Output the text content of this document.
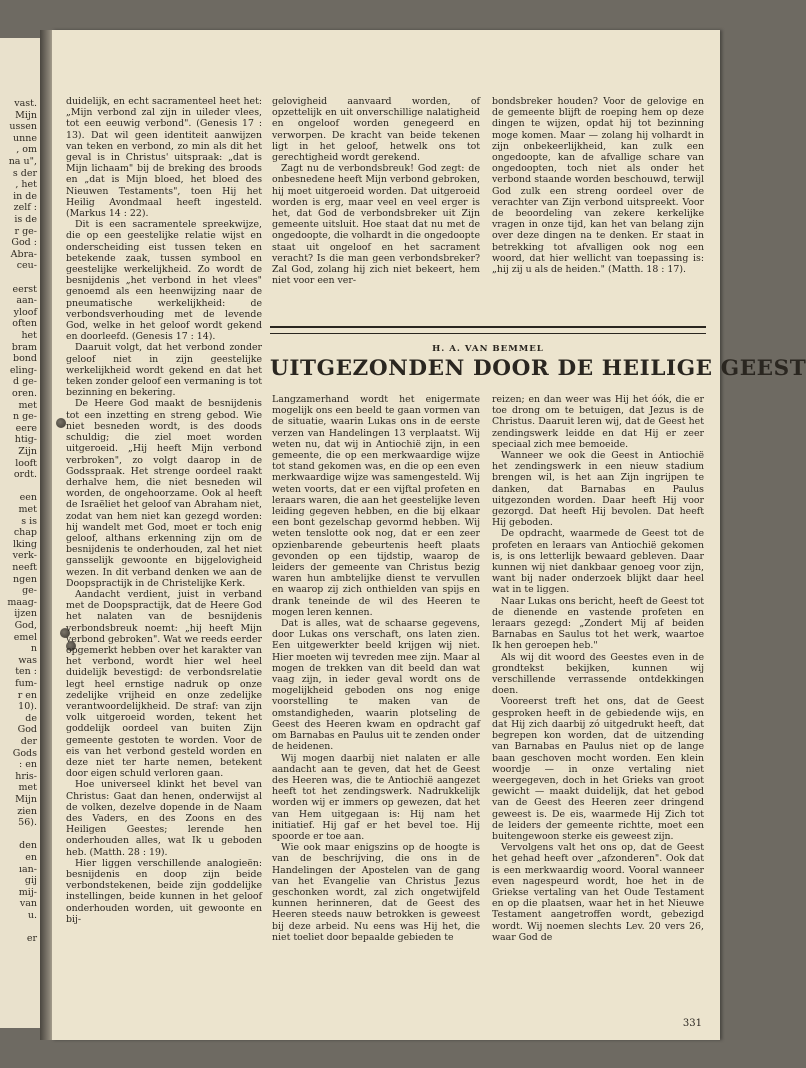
vast.
Mijn
ussen
unne
, om
na u",
s der
, het
in de
zelf :
is de
r ge-
God :
Abra-
ceu-
eerst
aan-
yloof
often
het
bram
bond
eling-
d ge-
oren.
met
n ge-
eere
htig-
Zijn
looft
ordt.
een
met
s is
chap
lking
verk-
neeft
ngen
ge-
maag-
ijzen
God,
emel
n
was
ten :
fum-
r en
10).
de
God
der
Gods
: en
hris-
met
Mijn
zien
56).
den
en
ıan-
gij
mij-
van
u.
er

duidelijk, en echt sacramenteel heet het: „Mijn verbond zal zijn in uileder vlees, tot een eeuwig verbond". (Genesis 17 : 13). Dat wil geen identiteit aanwijzen van teken en verbond, zo min als dit het geval is in Christus' uitspraak: „dat is Mijn lichaam" bij de breking des broods en „dat is Mijn bloed, het bloed des Nieuwen Testaments", toen Hij het Heilig Avondmaal heeft ingesteld. (Markus 14 : 22).

Dit is een sacramentele spreekwijze, die op een geestelijke relatie wijst en onderscheiding eist tussen teken en betekende zaak, tussen symbool en geestelijke werkelijkheid. Zo wordt de besnijdenis „het verbond in het vlees" genoemd als een heenwijzing naar de pneumatische werkelijkheid: de verbondsverhouding met de levende God, welke in het geloof wordt gekend en doorleefd. (Genesis 17 : 14).

Daaruit volgt, dat het verbond zonder geloof niet in zijn geestelijke werkelijkheid wordt gekend en dat het teken zonder geloof een vermaning is tot bezinning en bekering.

De Heere God maakt de besnijdenis tot een inzetting en streng gebod. Wie niet besneden wordt, is des doods schuldig; die ziel moet worden uitgeroeid. „Hij heeft Mijn verbond verbroken", zo volgt daarop in de Godsspraak. Het strenge oordeel raakt derhalve hem, die niet besneden wil worden, de ongehoorzame. Ook al heeft de Israëliet het geloof van Abraham niet, zodat van hem niet kan gezegd worden: hij wandelt met God, moet er toch enig geloof, althans erkenning zijn om de besnijdenis te onderhouden, zal het niet gansselijk gewoonte en bijgelovigheid wezen. In dit verband denken we aan de Doopspractijk in de Christelijke Kerk.

Aandacht verdient, juist in verband met de Doopspractijk, dat de Heere God het nalaten van de besnijdenis verbondsbreuk noemt: „hij heeft Mijn verbond gebroken". Wat we reeds eerder opgemerkt hebben over het karakter van het verbond, wordt hier wel heel duidelijk bevestigd: de verbondsrelatie legt heel ernstige nadruk op onze zedelijke vrijheid en onze zedelijke verantwoordelijkheid. De straf: van zijn volk uitgeroeid worden, tekent het goddelijk oordeel van buiten Zijn gemeente gestoten te worden. Voor de eis van het verbond gesteld worden en deze niet ter harte nemen, betekent door eigen schuld verloren gaan.

Hoe universeel klinkt het bevel van Christus: Gaat dan henen, onderwijst al de volken, dezelve dopende in de Naam des Vaders, en des Zoons en des Heiligen Geestes; lerende hen onderhouden alles, wat Ik u geboden heb. (Matth. 28 : 19).

Hier liggen verschillende analogieën: besnijdenis en doop zijn beide verbondstekenen, beide zijn goddelijke instellingen, beide kunnen in het geloof onderhouden worden, uit gewoonte en bij-

gelovigheid aanvaard worden, of opzettelijk en uit onverschillige nalatigheid en ongeloof worden genegeerd en verworpen. De kracht van beide tekenen ligt in het geloof, hetwelk ons tot gerechtigheid wordt gerekend.

Zagt nu de verbondsbreuk! God zegt: de onbesnedene heeft Mijn verbond gebroken, hij moet uitgeroeid worden. Dat uitgeroeid worden is erg, maar veel en veel erger is het, dat God de verbondsbreker uit Zijn gemeente uitsluit. Hoe staat dat nu met de ongedoopte, die volhardt in die ongedoopte staat uit ongeloof en het sacrament veracht? Is die man geen verbondsbreker? Zal God, zolang hij zich niet bekeert, hem niet voor een ver-

bondsbreker houden? Voor de gelovige en de gemeente blijft de roeping hem op deze dingen te wijzen, opdat hij tot bezinning moge komen. Maar — zolang hij volhardt in zijn onbekeerlijkheid, kan zulk een ongedoopte, kan de afvallige schare van ongedoopten, toch niet als onder het verbond staande worden beschouwd, terwijl God zulk een streng oordeel over de verachter van Zijn verbond uitspreekt. Voor de beoordeling van zekere kerkelijke vragen in onze tijd, kan het van belang zijn over deze dingen na te denken. Er staat in betrekking tot afvalligen ook nog een woord, dat hier wellicht van toepassing is: „hij zij u als de heiden." (Matth. 18 : 17).

H. A. VAN BEMMEL
UITGEZONDEN DOOR DE HEILIGE GEEST

Langzamerhand wordt het enigermate mogelijk ons een beeld te gaan vormen van de situatie, waarin Lukas ons in de eerste verzen van Handelingen 13 verplaatst. Wij weten nu, dat wij in Antiochië zijn, in een gemeente, die op een merkwaardige wijze tot stand gekomen was, en die op een even merkwaardige wijze was samengesteld. Wij weten voorts, dat er een vijftal profeten en leraars waren, die aan het geestelijke leven leiding gegeven hebben, en die bij elkaar een bont gezelschap gevormd hebben. Wij weten tenslotte ook nog, dat er een zeer opzienbarende gebeurtenis heeft plaats gevonden op een tijdstip, waarop de leiders der gemeente van Christus bezig waren hun ambtelijke dienst te vervullen en waarop zij zich onthielden van spijs en drank teneinde de wil des Heeren te mogen leren kennen.

Dat is alles, wat de schaarse gegevens, door Lukas ons verschaft, ons laten zien. Een uitgewerkter beeld krijgen wij niet. Hier moeten wij tevreden mee zijn. Maar al mogen de trekken van dit beeld dan wat vaag zijn, in ieder geval wordt ons de mogelijkheid geboden ons nog enige voorstelling te maken van de omstandigheden, waarin plotseling de Geest des Heeren kwam en opdracht gaf om Barnabas en Paulus uit te zenden onder de heidenen.

Wij mogen daarbij niet nalaten er alle aandacht aan te geven, dat het de Geest des Heeren was, die te Antiochië aangezet heeft tot het zendingswerk. Nadrukkelijk worden wij er immers op gewezen, dat het van Hem uitgegaan is: Hij nam het initiatief. Hij gaf er het bevel toe. Hij spoorde er toe aan.

Wie ook maar enigszins op de hoogte is van de beschrijving, die ons in de Handelingen der Apostelen van de gang van het Evangelie van Christus Jezus geschonken wordt, zal zich ongetwijfeld kunnen herinneren, dat de Geest des Heeren steeds nauw betrokken is geweest bij deze arbeid. Nu eens was Hij het, die niet toeliet door bepaalde gebieden te

reizen; en dan weer was Hij het óók, die er toe drong om te betuigen, dat Jezus is de Christus. Daaruit leren wij, dat de Geest het zendingswerk leidde en dat Hij er zeer speciaal zich mee bemoeide.

Wanneer we ook die Geest in Antiochië het zendingswerk in een nieuw stadium brengen wil, is het aan Zijn ingrijpen te danken, dat Barnabas en Paulus uitgezonden worden. Daar heeft Hij voor gezorgd. Dat heeft Hij bevolen. Dat heeft Hij geboden.

De opdracht, waarmede de Geest tot de profeten en leraars van Antiochië gekomen is, is ons letterlijk bewaard gebleven. Daar kunnen wij niet dankbaar genoeg voor zijn, want bij nader onderzoek blijkt daar heel wat in te liggen.

Naar Lukas ons bericht, heeft de Geest tot de dienende en vastende profeten en leraars gezegd: „Zondert Mij af beiden Barnabas en Saulus tot het werk, waartoe Ik hen geroepen heb."

Als wij dit woord des Geestes even in de grondtekst bekijken, kunnen wij verschillende verrassende ontdekkingen doen.

Vooreerst treft het ons, dat de Geest gesproken heeft in de gebiedende wijs, en dat Hij zich daarbij zó uitgedrukt heeft, dat begrepen kon worden, dat de uitzending van Barnabas en Paulus niet op de lange baan geschoven mocht worden. Een klein woordje — in onze vertaling niet weergegeven, doch in het Grieks van groot gewicht — maakt duidelijk, dat het gebod van de Geest des Heeren zeer dringend geweest is. De eis, waarmede Hij Zich tot de leiders der gemeente richtte, moet een buitengewoon sterke eis geweest zijn.

Vervolgens valt het ons op, dat de Geest het gehad heeft over „afzonderen". Ook dat is een merkwaardig woord. Vooral wanneer even nagespeurd wordt, hoe het in de Griekse vertaling van het Oude Testament en op die plaatsen, waar het in het Nieuwe Testament aangetroffen wordt, gebezigd wordt. Wij noemen slechts Lev. 20 vers 26, waar God de

331
